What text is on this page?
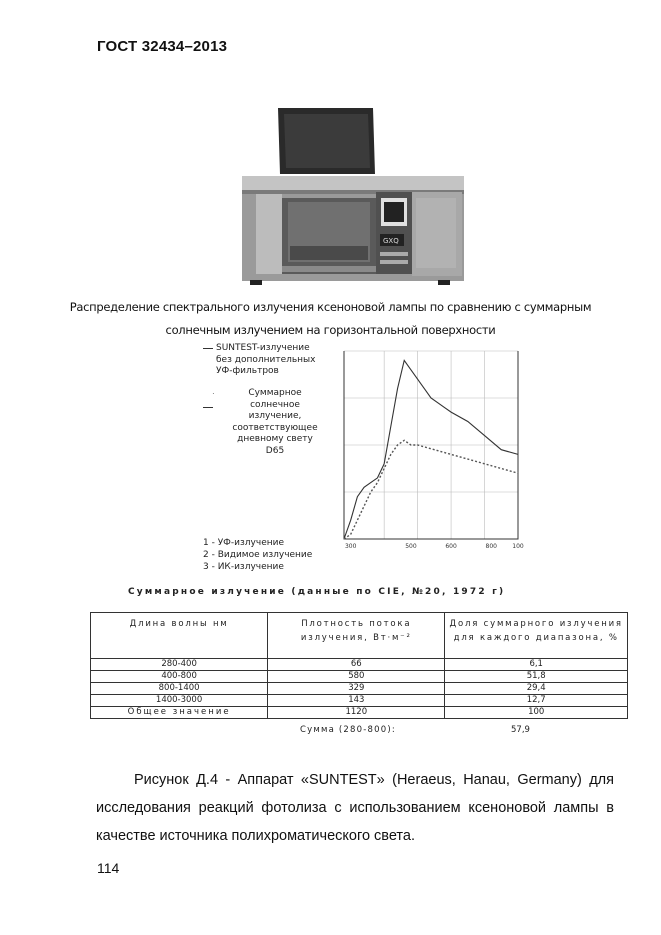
ГОСТ 32434–2013
GXQ
Распределение спектрального излучения ксеноновой лампы по сравнению с суммарным
солнечным излучением на горизонтальной поверхности
SUNTEST-излучение
без дополнительных
УФ-фильтров
·	Суммарное
солнечное
излучение,
соответствующее
дневному свету D65
300	500	600	800	100
1 - УФ-излучение
2 - Видимое излучение
3 - ИК-излучение
Суммарное излучение (данные по CIE, №20, 1972 г)
Длина волны нм	Плотность потока излучения, Вт·м⁻²	Доля суммарного излучения для каждого диапазона, %
280-400	66	6,1
400-800	580	51,8
800-1400	329	29,4
1400-3000	143	12,7
Общее значение	1120	100
Сумма (280-800):	57,9
Рисунок Д.4 - Аппарат «SUNTEST» (Heraeus, Hanau, Germany) для исследования реакций фотолиза с использованием ксеноновой лампы в качестве источника полихроматического света.
114
